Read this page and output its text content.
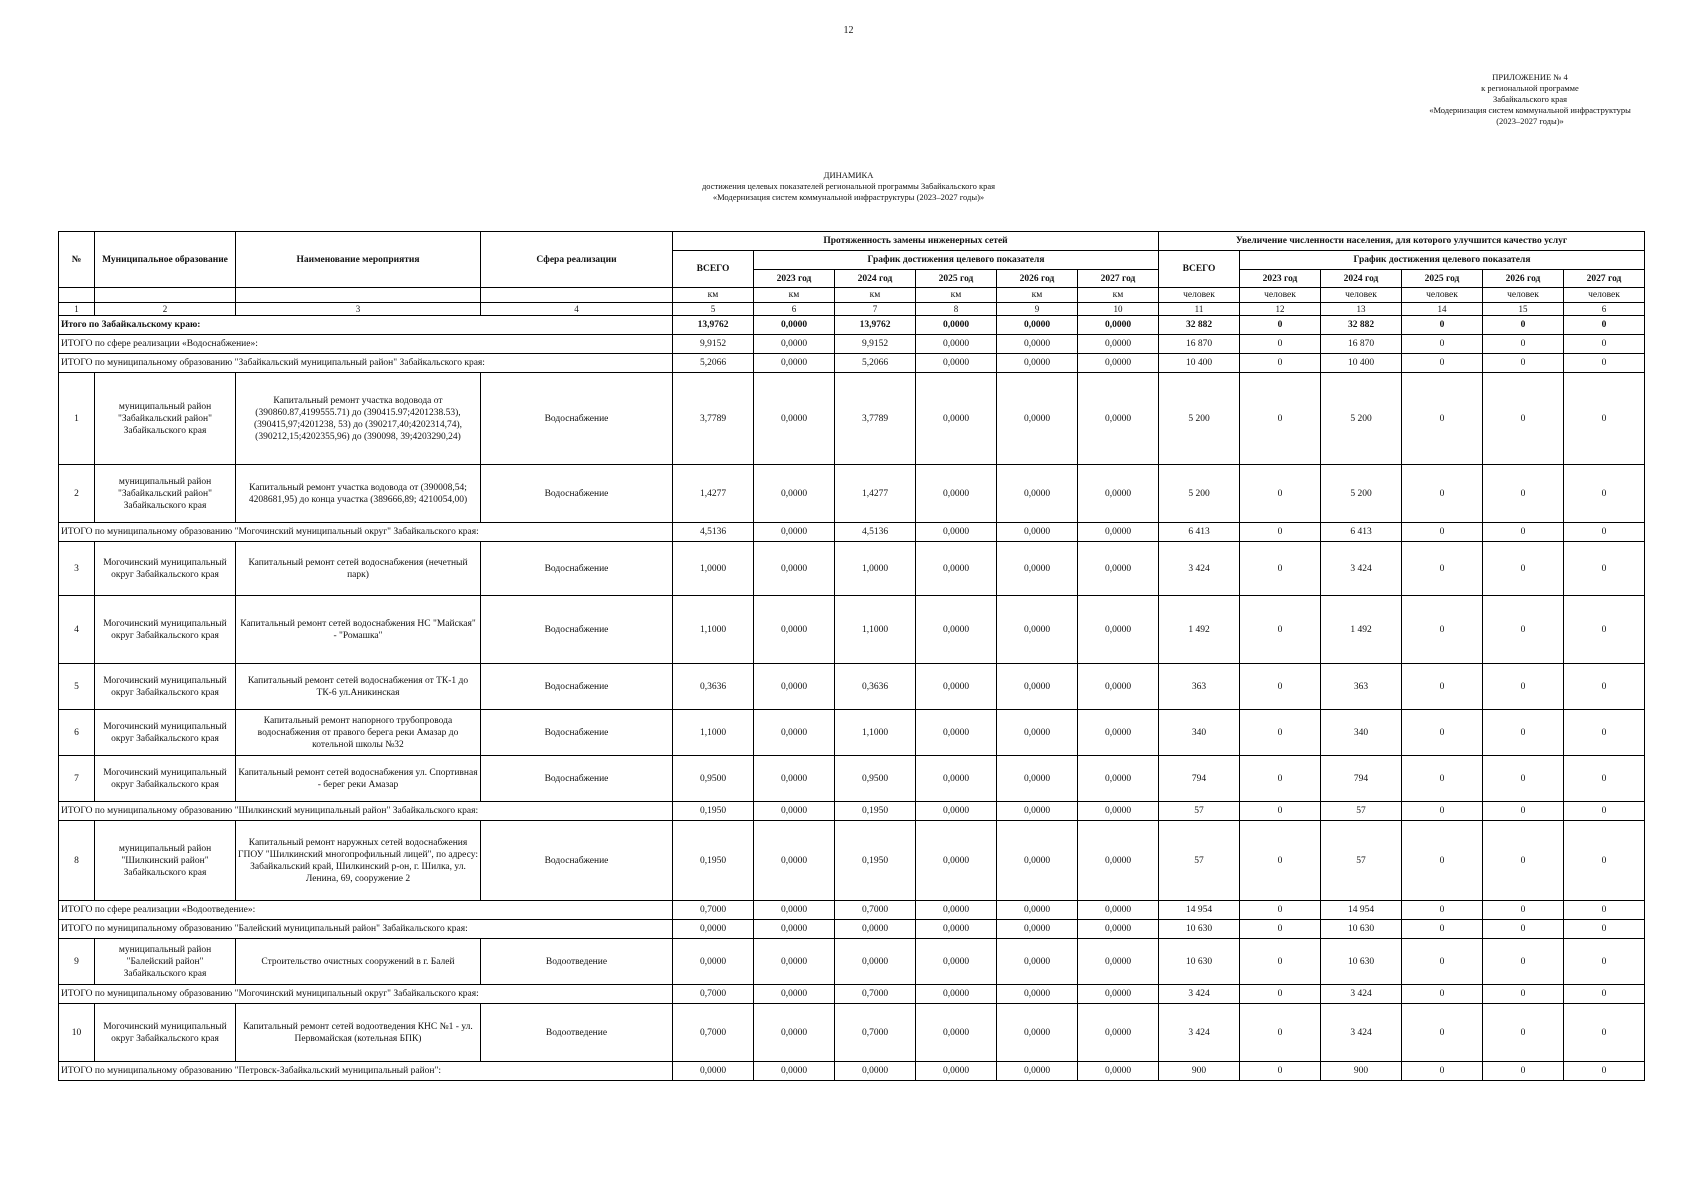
12
ПРИЛОЖЕНИЕ № 4
к региональной программе
Забайкальского края
«Модернизация систем коммунальной инфраструктуры
(2023–2027 годы)»
ДИНАМИКА
достижения целевых показателей региональной программы Забайкальского края
«Модернизация систем коммунальной инфраструктуры (2023–2027 годы)»
№	Муниципальное образование	Наименование мероприятия	Сфера реализации	Протяженность замены инженерных сетей						Увеличение численности населения, для которого улучшится качество услуг					
				ВСЕГО	График достижения целевого показателя					ВСЕГО	График достижения целевого показателя				
					2023 год	2024 год	2025 год	2026 год	2027 год		2023 год	2024 год	2025 год	2026 год	2027 год
				км	км	км	км	км	км	человек	человек	человек	человек	человек	человек
1	2	3	4	5	6	7	8	9	10	11	12	13	14	15	6
Итого по Забайкальскому краю:				13,9762	0,0000	13,9762	0,0000	0,0000	0,0000	32 882	0	32 882	0	0	0
ИТОГО по сфере реализации «Водоснабжение»:				9,9152	0,0000	9,9152	0,0000	0,0000	0,0000	16 870	0	16 870	0	0	0
ИТОГО по муниципальному образованию "Забайкальский муниципальный район" Забайкальского края:				5,2066	0,0000	5,2066	0,0000	0,0000	0,0000	10 400	0	10 400	0	0	0
1	муниципальный район "Забайкальский район" Забайкальского края	Капитальный ремонт участка водовода от (390860.87,4199555.71) до (390415.97;4201238.53), (390415,97;4201238, 53) до (390217,40;4202314,74), (390212,15;4202355,96) до (390098, 39;4203290,24)	Водоснабжение	3,7789	0,0000	3,7789	0,0000	0,0000	0,0000	5 200	0	5 200	0	0	0
2	муниципальный район "Забайкальский район" Забайкальского края	Капитальный ремонт участка водовода от (390008,54; 4208681,95) до конца участка (389666,89; 4210054,00)	Водоснабжение	1,4277	0,0000	1,4277	0,0000	0,0000	0,0000	5 200	0	5 200	0	0	0
ИТОГО по муниципальному образованию "Могочинский муниципальный округ" Забайкальского края:				4,5136	0,0000	4,5136	0,0000	0,0000	0,0000	6 413	0	6 413	0	0	0
3	Могочинский муниципальный округ Забайкальского края	Капитальный ремонт сетей водоснабжения (нечетный парк)	Водоснабжение	1,0000	0,0000	1,0000	0,0000	0,0000	0,0000	3 424	0	3 424	0	0	0
4	Могочинский муниципальный округ Забайкальского края	Капитальный ремонт сетей водоснабжения НС "Майская" - "Ромашка"	Водоснабжение	1,1000	0,0000	1,1000	0,0000	0,0000	0,0000	1 492	0	1 492	0	0	0
5	Могочинский муниципальный округ Забайкальского края	Капитальный ремонт сетей водоснабжения от ТК-1 до ТК-6 ул.Аникинская	Водоснабжение	0,3636	0,0000	0,3636	0,0000	0,0000	0,0000	363	0	363	0	0	0
6	Могочинский муниципальный округ Забайкальского края	Капитальный ремонт напорного трубопровода водоснабжения от правого берега реки Амазар до котельной школы №32	Водоснабжение	1,1000	0,0000	1,1000	0,0000	0,0000	0,0000	340	0	340	0	0	0
7	Могочинский муниципальный округ Забайкальского края	Капитальный ремонт сетей водоснабжения ул. Спортивная - берег реки Амазар	Водоснабжение	0,9500	0,0000	0,9500	0,0000	0,0000	0,0000	794	0	794	0	0	0
ИТОГО по муниципальному образованию "Шилкинский муниципальный район" Забайкальского края:				0,1950	0,0000	0,1950	0,0000	0,0000	0,0000	57	0	57	0	0	0
8	муниципальный район "Шилкинский район" Забайкальского края	Капитальный ремонт наружных сетей водоснабжения ГПОУ "Шилкинский многопрофильный лицей", по адресу: Забайкальский край, Шилкинский р-он, г. Шилка, ул. Ленина, 69, сооружение 2	Водоснабжение	0,1950	0,0000	0,1950	0,0000	0,0000	0,0000	57	0	57	0	0	0
ИТОГО по сфере реализации «Водоотведение»:				0,7000	0,0000	0,7000	0,0000	0,0000	0,0000	14 954	0	14 954	0	0	0
ИТОГО по муниципальному образованию "Балейский муниципальный район" Забайкальского края:				0,0000	0,0000	0,0000	0,0000	0,0000	0,0000	10 630	0	10 630	0	0	0
9	муниципальный район "Балейский район" Забайкальского края	Строительство очистных сооружений в г. Балей	Водоотведение	0,0000	0,0000	0,0000	0,0000	0,0000	0,0000	10 630	0	10 630	0	0	0
ИТОГО по муниципальному образованию "Могочинский муниципальный округ" Забайкальского края:				0,7000	0,0000	0,7000	0,0000	0,0000	0,0000	3 424	0	3 424	0	0	0
10	Могочинский муниципальный округ Забайкальского края	Капитальный ремонт сетей водоотведения КНС №1 - ул. Первомайская (котельная БПК)	Водоотведение	0,7000	0,0000	0,7000	0,0000	0,0000	0,0000	3 424	0	3 424	0	0	0
ИТОГО по муниципальному образованию "Петровск-Забайкальский муниципальный район":				0,0000	0,0000	0,0000	0,0000	0,0000	0,0000	900	0	900	0	0	0
